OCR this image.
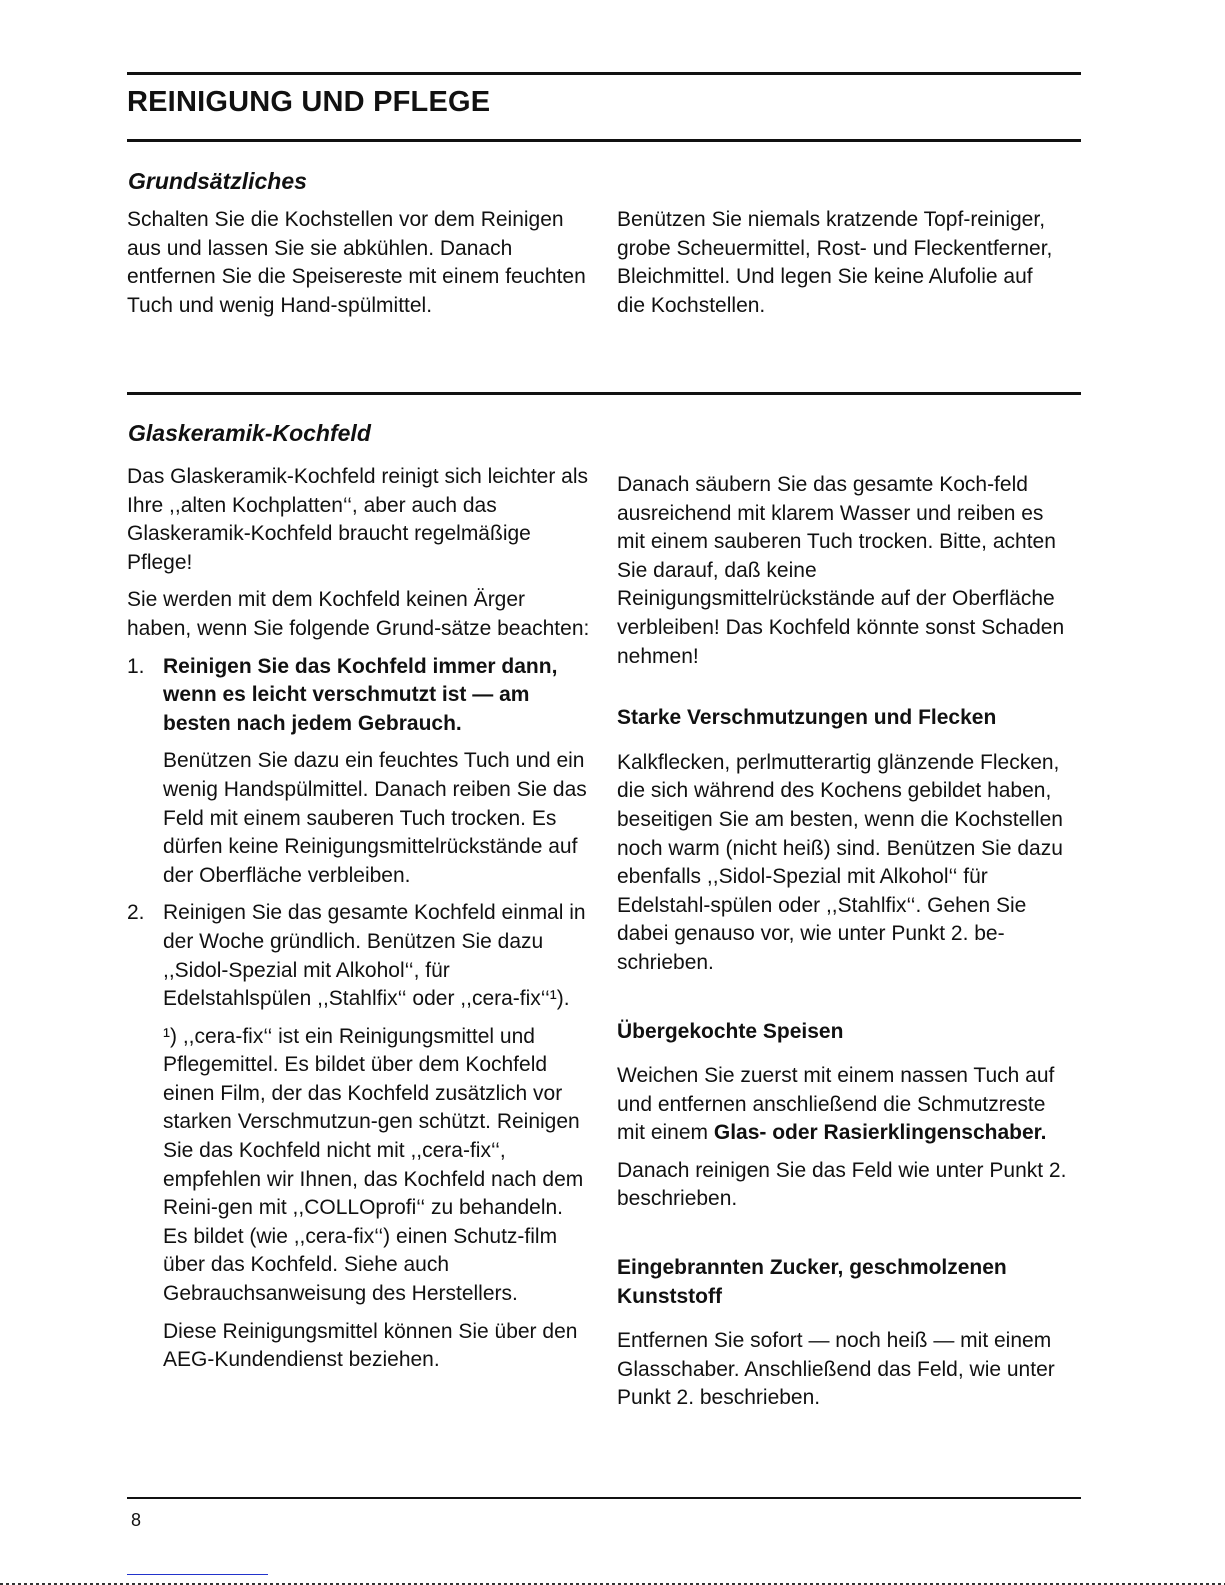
REINIGUNG UND PFLEGE
Grundsätzliches

Schalten Sie die Kochstellen vor dem Reinigen aus und lassen Sie sie abkühlen. Danach entfernen Sie die Speisereste mit einem feuchten Tuch und wenig Hand-spülmittel.

Benützen Sie niemals kratzende Topf-reiniger, grobe Scheuermittel, Rost- und Fleckentferner, Bleichmittel. Und legen Sie keine Alufolie auf die Kochstellen.

Glaskeramik-Kochfeld

Das Glaskeramik-Kochfeld reinigt sich leichter als Ihre ,,alten Kochplatten‘‘, aber auch das Glaskeramik-Kochfeld braucht regelmäßige Pflege!

Sie werden mit dem Kochfeld keinen Ärger haben, wenn Sie folgende Grund-sätze beachten:

1. Reinigen Sie das Kochfeld immer dann, wenn es leicht verschmutzt ist — am besten nach jedem Gebrauch.

Benützen Sie dazu ein feuchtes Tuch und ein wenig Handspülmittel. Danach reiben Sie das Feld mit einem sauberen Tuch trocken. Es dürfen keine Reinigungsmittelrückstände auf der Oberfläche verbleiben.

2. Reinigen Sie das gesamte Kochfeld einmal in der Woche gründlich. Benützen Sie dazu ,,Sidol-Spezial mit Alkohol‘‘, für Edelstahlspülen ,,Stahlfix‘‘ oder ,,cera-fix‘‘¹).

¹) ,,cera-fix‘‘ ist ein Reinigungsmittel und Pflegemittel. Es bildet über dem Kochfeld einen Film, der das Kochfeld zusätzlich vor starken Verschmutzun-gen schützt. Reinigen Sie das Kochfeld nicht mit ,,cera-fix‘‘, empfehlen wir Ihnen, das Kochfeld nach dem Reini-gen mit ,,COLLOprofi‘‘ zu behandeln. Es bildet (wie ,,cera-fix‘‘) einen Schutz-film über das Kochfeld. Siehe auch Gebrauchsanweisung des Herstellers.

Diese Reinigungsmittel können Sie über den AEG-Kundendienst beziehen.

Danach säubern Sie das gesamte Koch-feld ausreichend mit klarem Wasser und reiben es mit einem sauberen Tuch trocken. Bitte, achten Sie darauf, daß keine Reinigungsmittelrückstände auf der Oberfläche verbleiben! Das Kochfeld könnte sonst Schaden nehmen!

Starke Verschmutzungen und Flecken

Kalkflecken, perlmutterartig glänzende Flecken, die sich während des Kochens gebildet haben, beseitigen Sie am besten, wenn die Kochstellen noch warm (nicht heiß) sind. Benützen Sie dazu ebenfalls ,,Sidol-Spezial mit Alkohol‘‘ für Edelstahl-spülen oder ,,Stahlfix‘‘. Gehen Sie dabei genauso vor, wie unter Punkt 2. be-schrieben.

Übergekochte Speisen

Weichen Sie zuerst mit einem nassen Tuch auf und entfernen anschließend die Schmutzreste mit einem Glas- oder Rasierklingenschaber.

Danach reinigen Sie das Feld wie unter Punkt 2. beschrieben.

Eingebrannten Zucker, geschmolzenen Kunststoff

Entfernen Sie sofort — noch heiß — mit einem Glasschaber. Anschließend das Feld, wie unter Punkt 2. beschrieben.

8
